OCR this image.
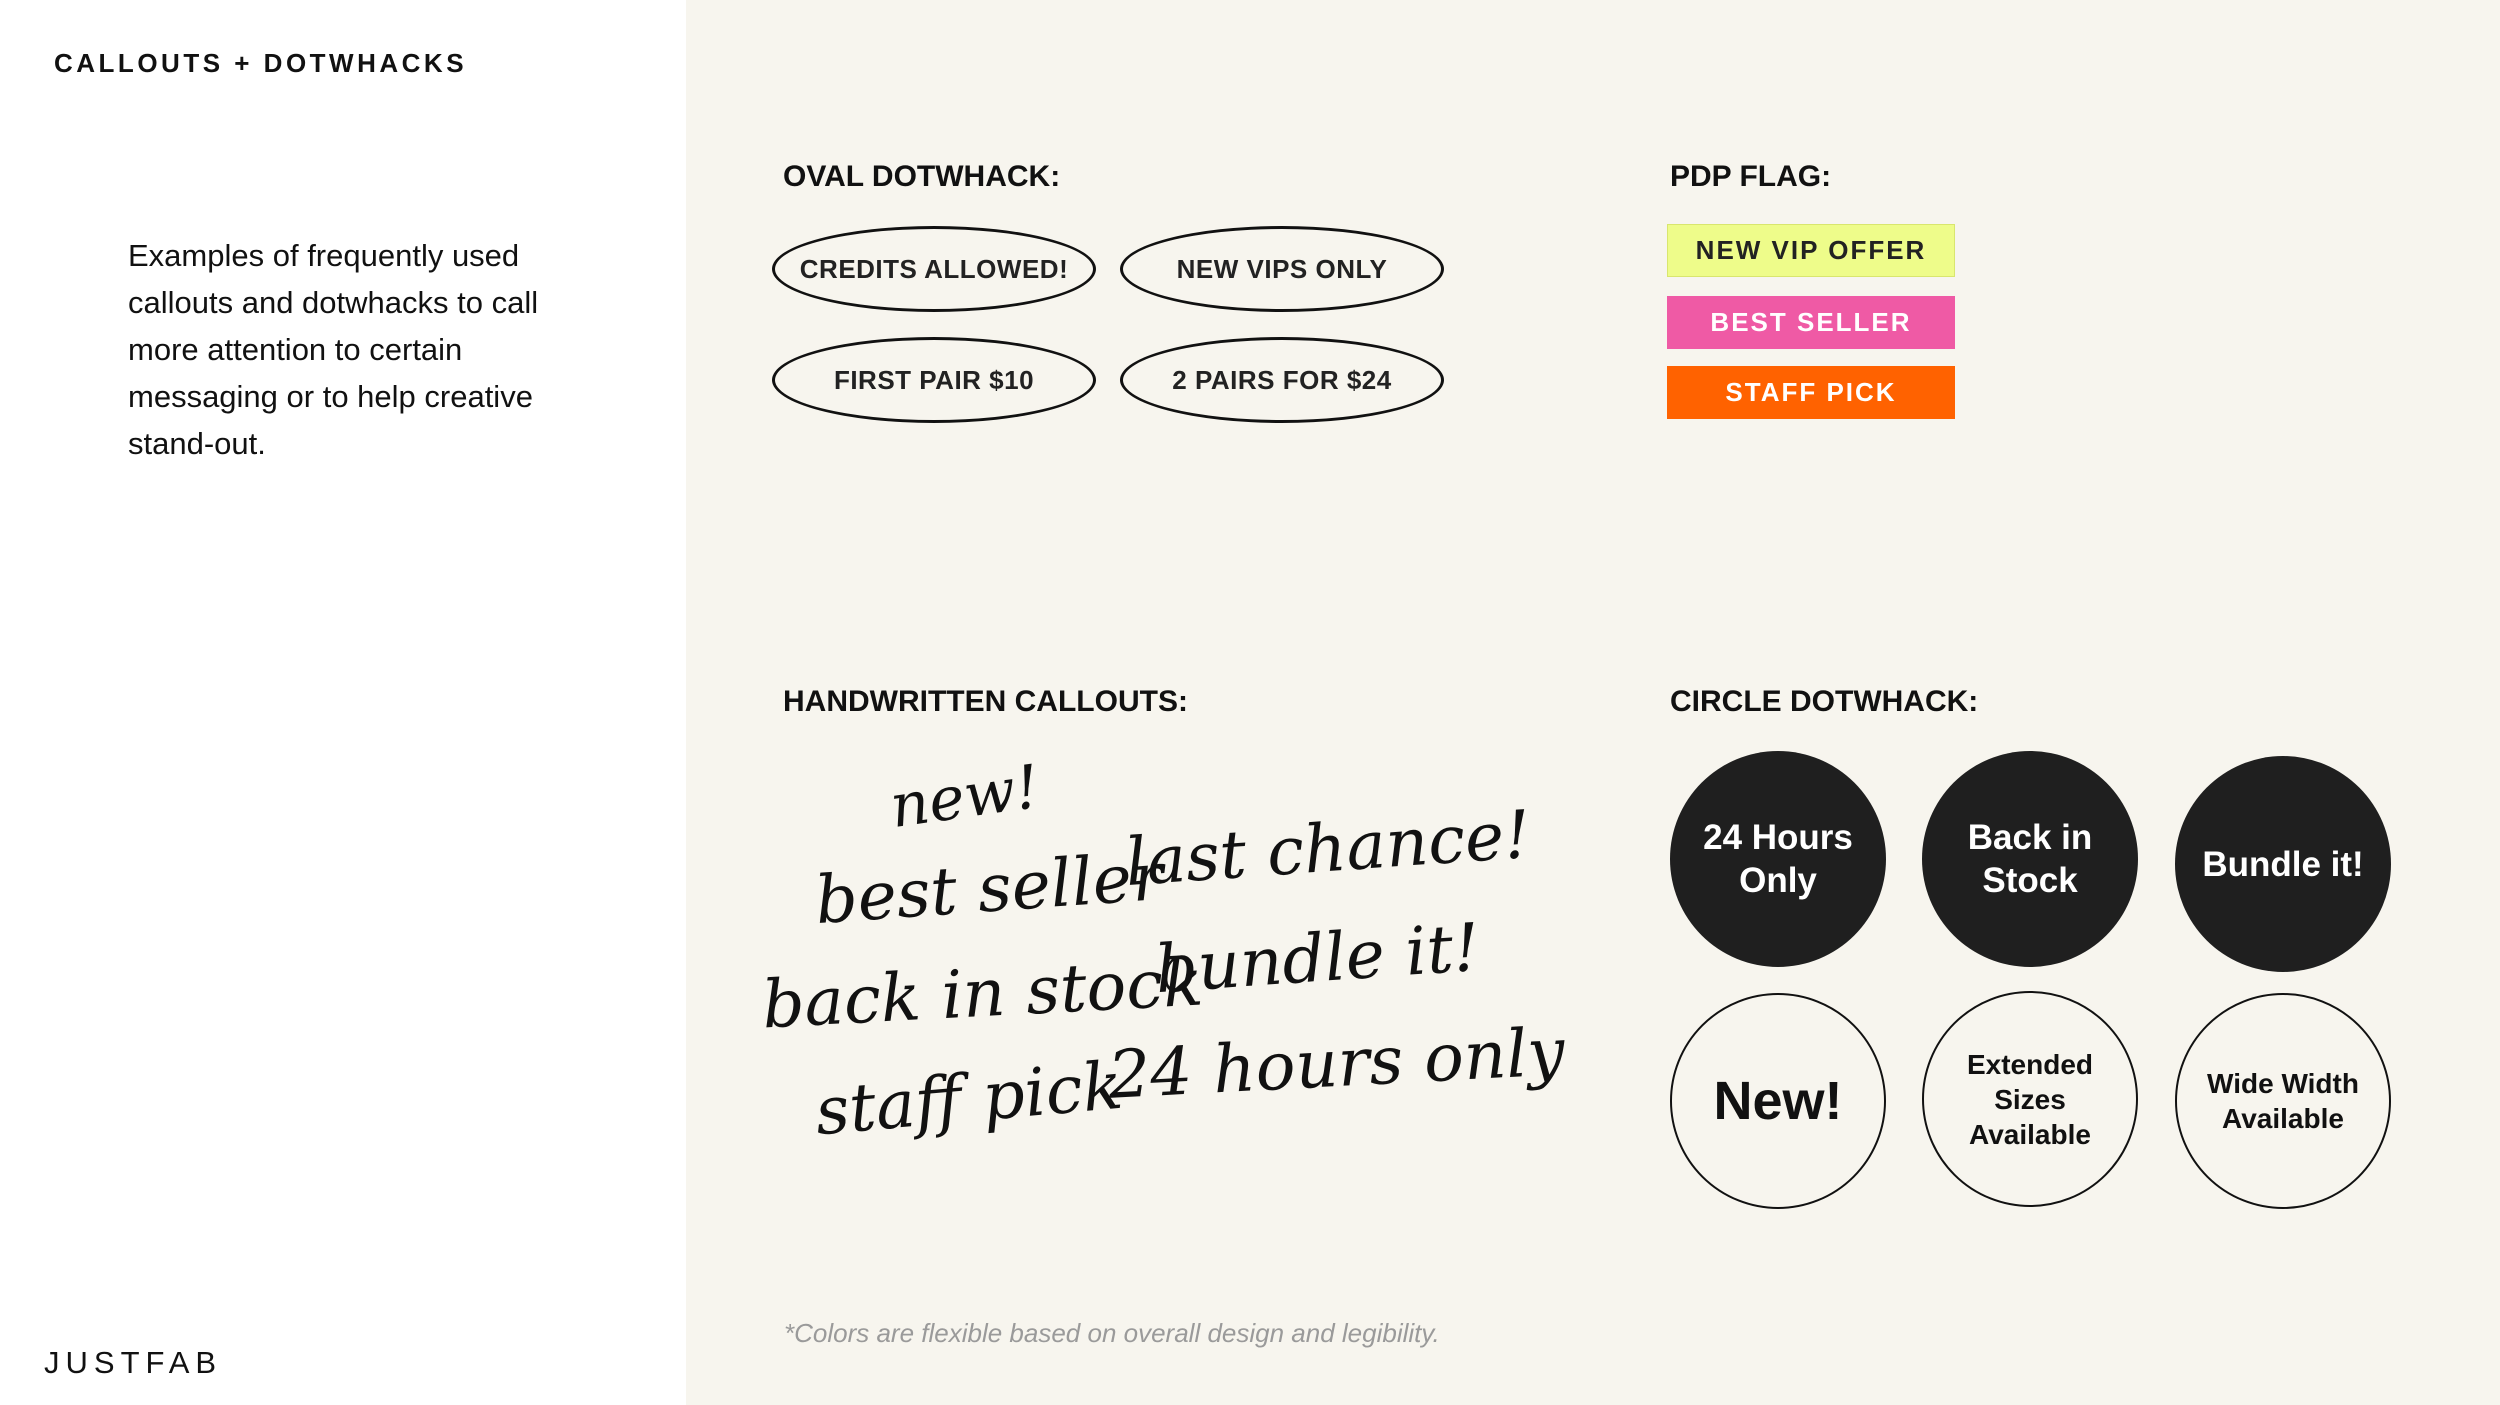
CALLOUTS + DOTWHACKS
Examples of frequently used callouts and dotwhacks to call more attention to certain messaging or to help creative stand-out.
JUSTFAB
OVAL DOTWHACK:
CREDITS ALLOWED!	NEW VIPS ONLY
FIRST PAIR $10	2 PAIRS FOR $24
PDP FLAG:
NEW VIP OFFER
BEST SELLER
STAFF PICK
HANDWRITTEN CALLOUTS:
new!
best seller
back in stock
staff pick
last chance!
bundle it!
24 hours only
CIRCLE DOTWHACK:
24 Hours Only
Back in Stock	Bundle it!
New!
Extended Sizes Available
Wide Width Available
*Colors are flexible based on overall design and legibility.
